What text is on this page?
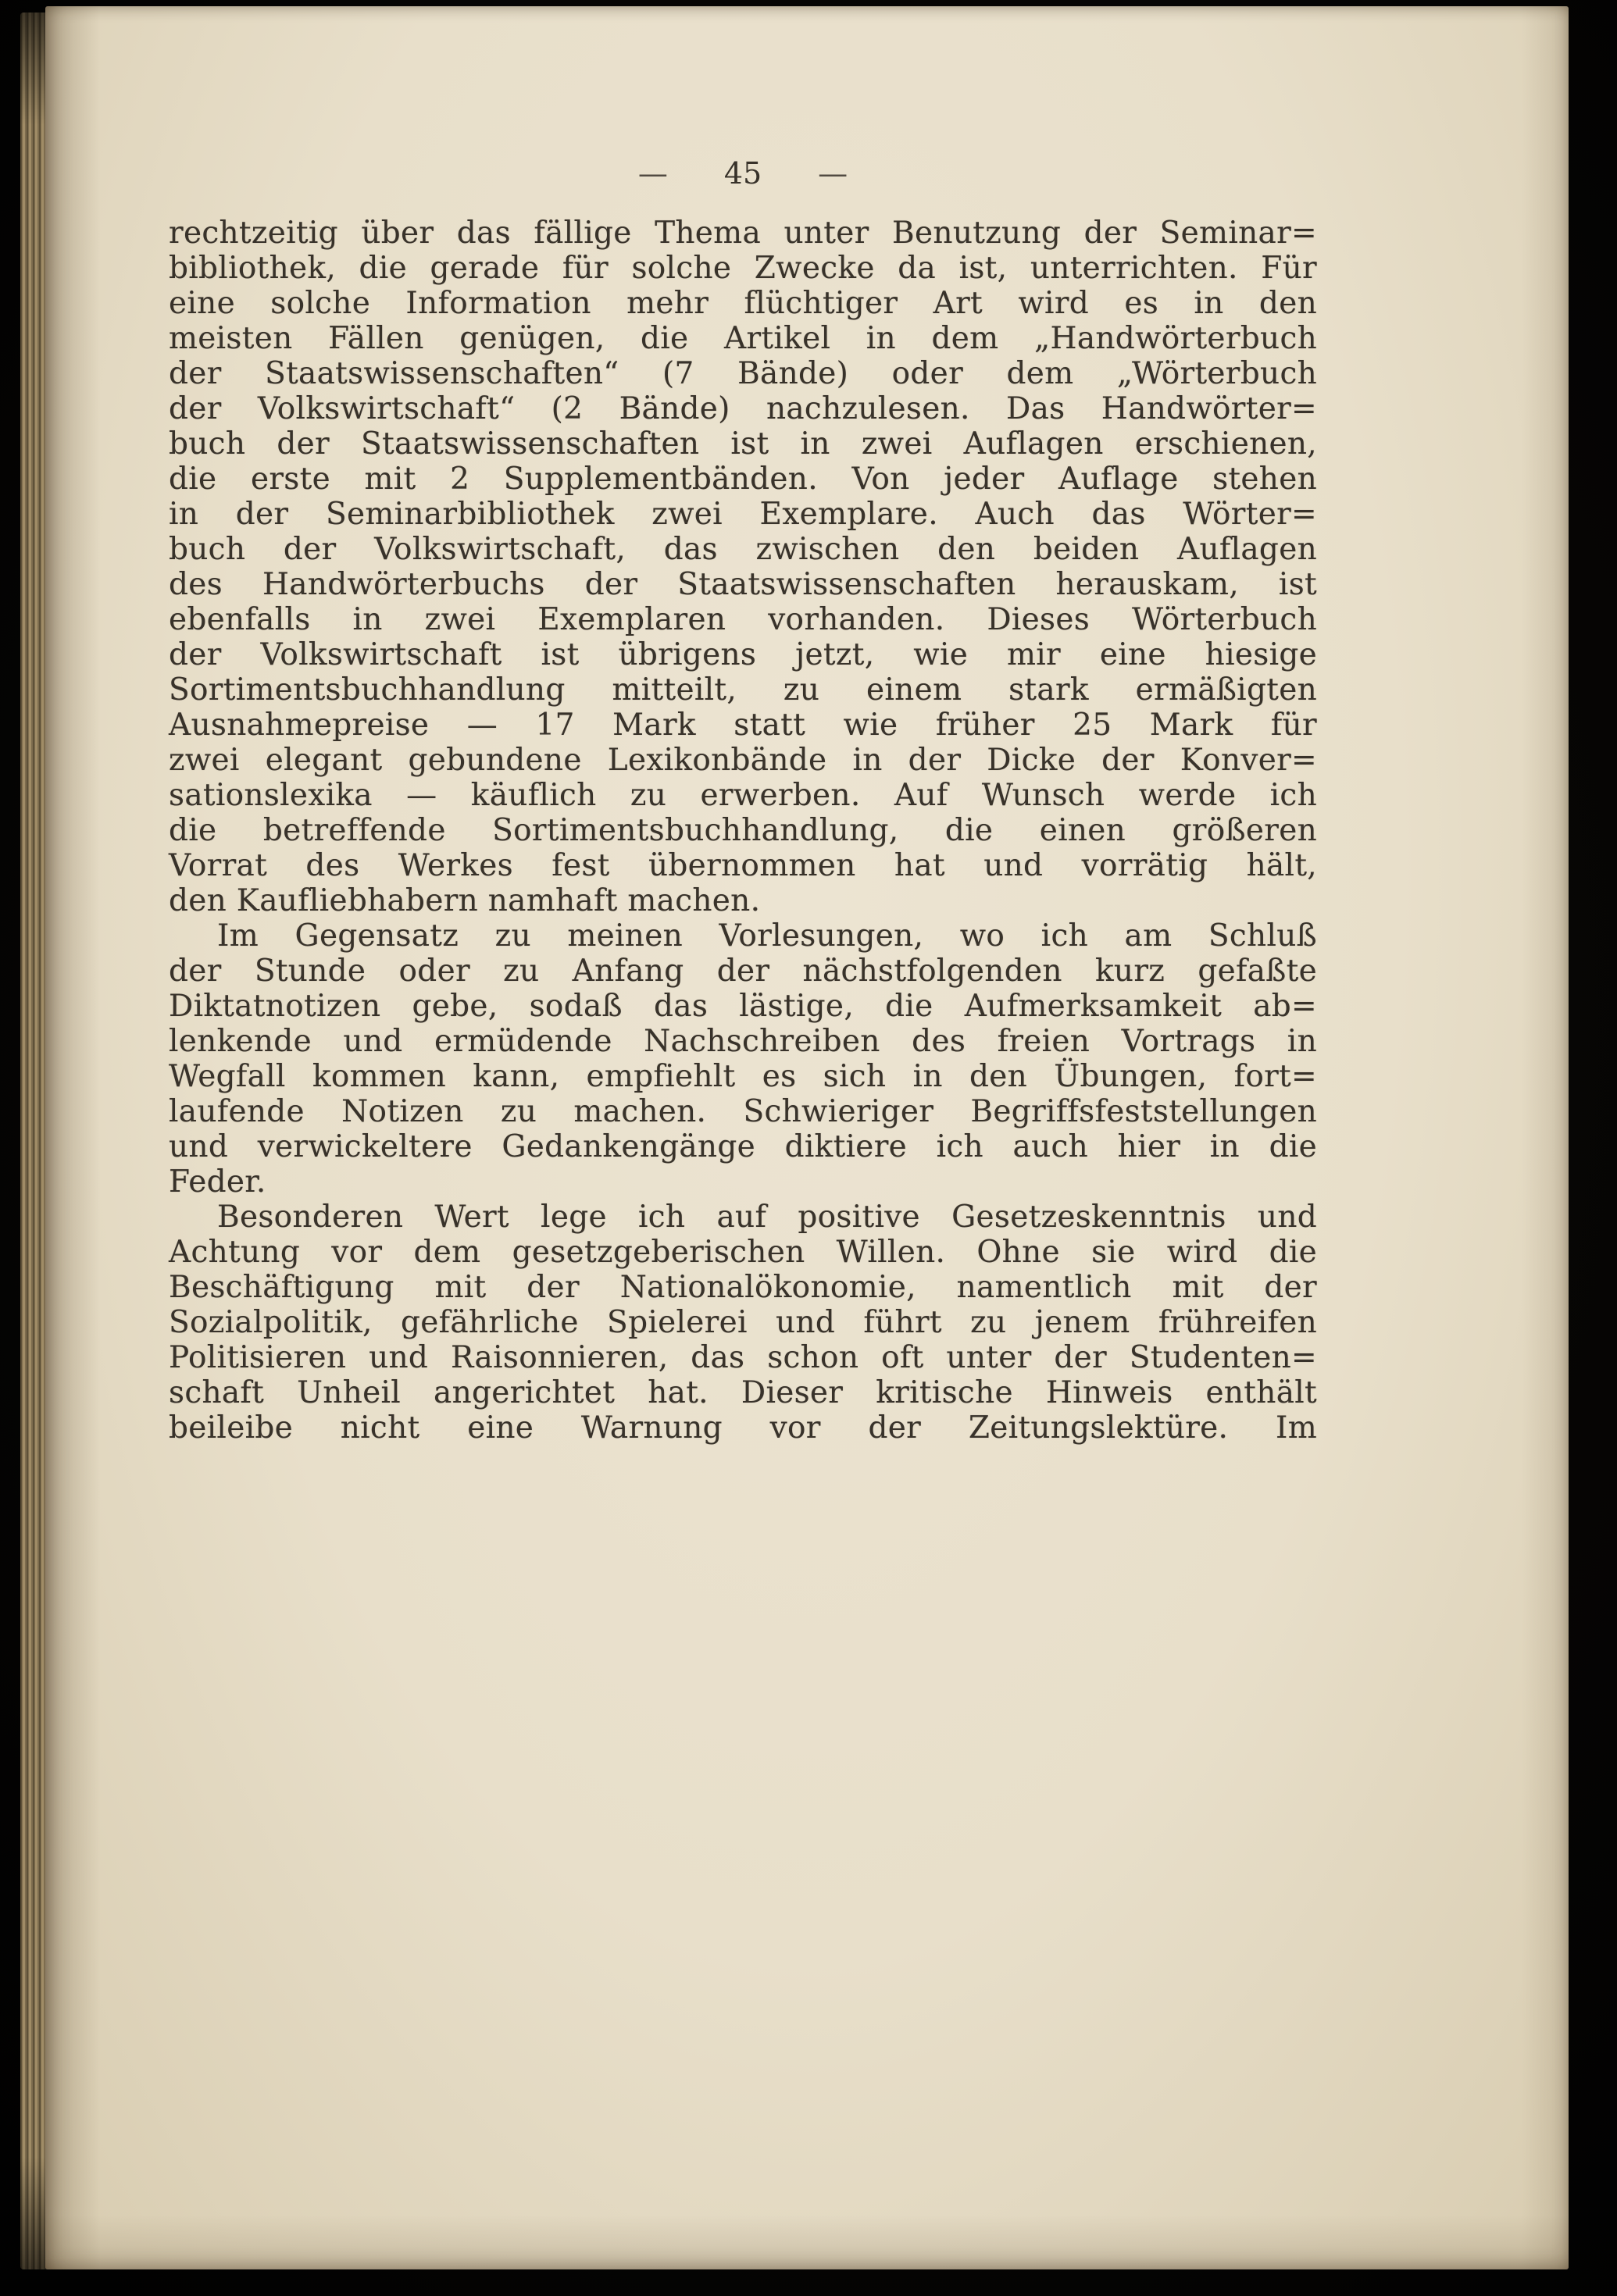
— 45 —
rechtzeitig über das fällige Thema unter Benutzung der Seminar=
bibliothek, die gerade für solche Zwecke da ist, unterrichten. Für
eine solche Information mehr flüchtiger Art wird es in den
meisten Fällen genügen, die Artikel in dem „Handwörterbuch
der Staatswissenschaften“ (7 Bände) oder dem „Wörterbuch
der Volkswirtschaft“ (2 Bände) nachzulesen. Das Handwörter=
buch der Staatswissenschaften ist in zwei Auflagen erschienen,
die erste mit 2 Supplementbänden. Von jeder Auflage stehen
in der Seminarbibliothek zwei Exemplare. Auch das Wörter=
buch der Volkswirtschaft, das zwischen den beiden Auflagen
des Handwörterbuchs der Staatswissenschaften herauskam, ist
ebenfalls in zwei Exemplaren vorhanden. Dieses Wörterbuch
der Volkswirtschaft ist übrigens jetzt, wie mir eine hiesige
Sortimentsbuchhandlung mitteilt, zu einem stark ermäßigten
Ausnahmepreise — 17 Mark statt wie früher 25 Mark für
zwei elegant gebundene Lexikonbände in der Dicke der Konver=
sationslexika — käuflich zu erwerben. Auf Wunsch werde ich
die betreffende Sortimentsbuchhandlung, die einen größeren
Vorrat des Werkes fest übernommen hat und vorrätig hält,
den Kaufliebhabern namhaft machen.
Im Gegensatz zu meinen Vorlesungen, wo ich am Schluß
der Stunde oder zu Anfang der nächstfolgenden kurz gefaßte
Diktatnotizen gebe, sodaß das lästige, die Aufmerksamkeit ab=
lenkende und ermüdende Nachschreiben des freien Vortrags in
Wegfall kommen kann, empfiehlt es sich in den Übungen, fort=
laufende Notizen zu machen. Schwieriger Begriffsfeststellungen
und verwickeltere Gedankengänge diktiere ich auch hier in die
Feder.
Besonderen Wert lege ich auf positive Gesetzeskenntnis und
Achtung vor dem gesetzgeberischen Willen. Ohne sie wird die
Beschäftigung mit der Nationalökonomie, namentlich mit der
Sozialpolitik, gefährliche Spielerei und führt zu jenem frühreifen
Politisieren und Raisonnieren, das schon oft unter der Studenten=
schaft Unheil angerichtet hat. Dieser kritische Hinweis enthält
beileibe nicht eine Warnung vor der Zeitungslektüre. Im
